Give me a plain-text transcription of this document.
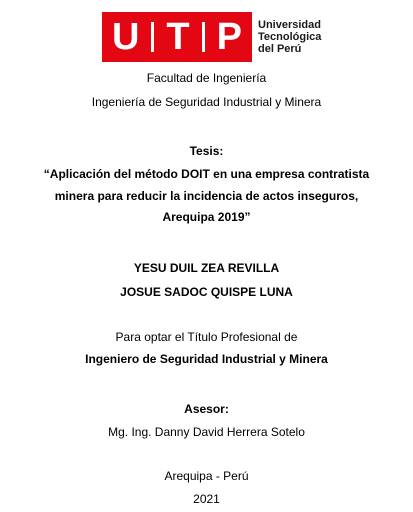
U T P Universidad
Tecnológica
del Perú
Facultad de Ingeniería
Ingeniería de Seguridad Industrial y Minera
Tesis:
“Aplicación del método DOIT en una empresa contratista
minera para reducir la incidencia de actos inseguros,
Arequipa 2019”
YESU DUIL ZEA REVILLA
JOSUE SADOC QUISPE LUNA
Para optar el Título Profesional de
Ingeniero de Seguridad Industrial y Minera
Asesor:
Mg. Ing. Danny David Herrera Sotelo
Arequipa - Perú
2021
